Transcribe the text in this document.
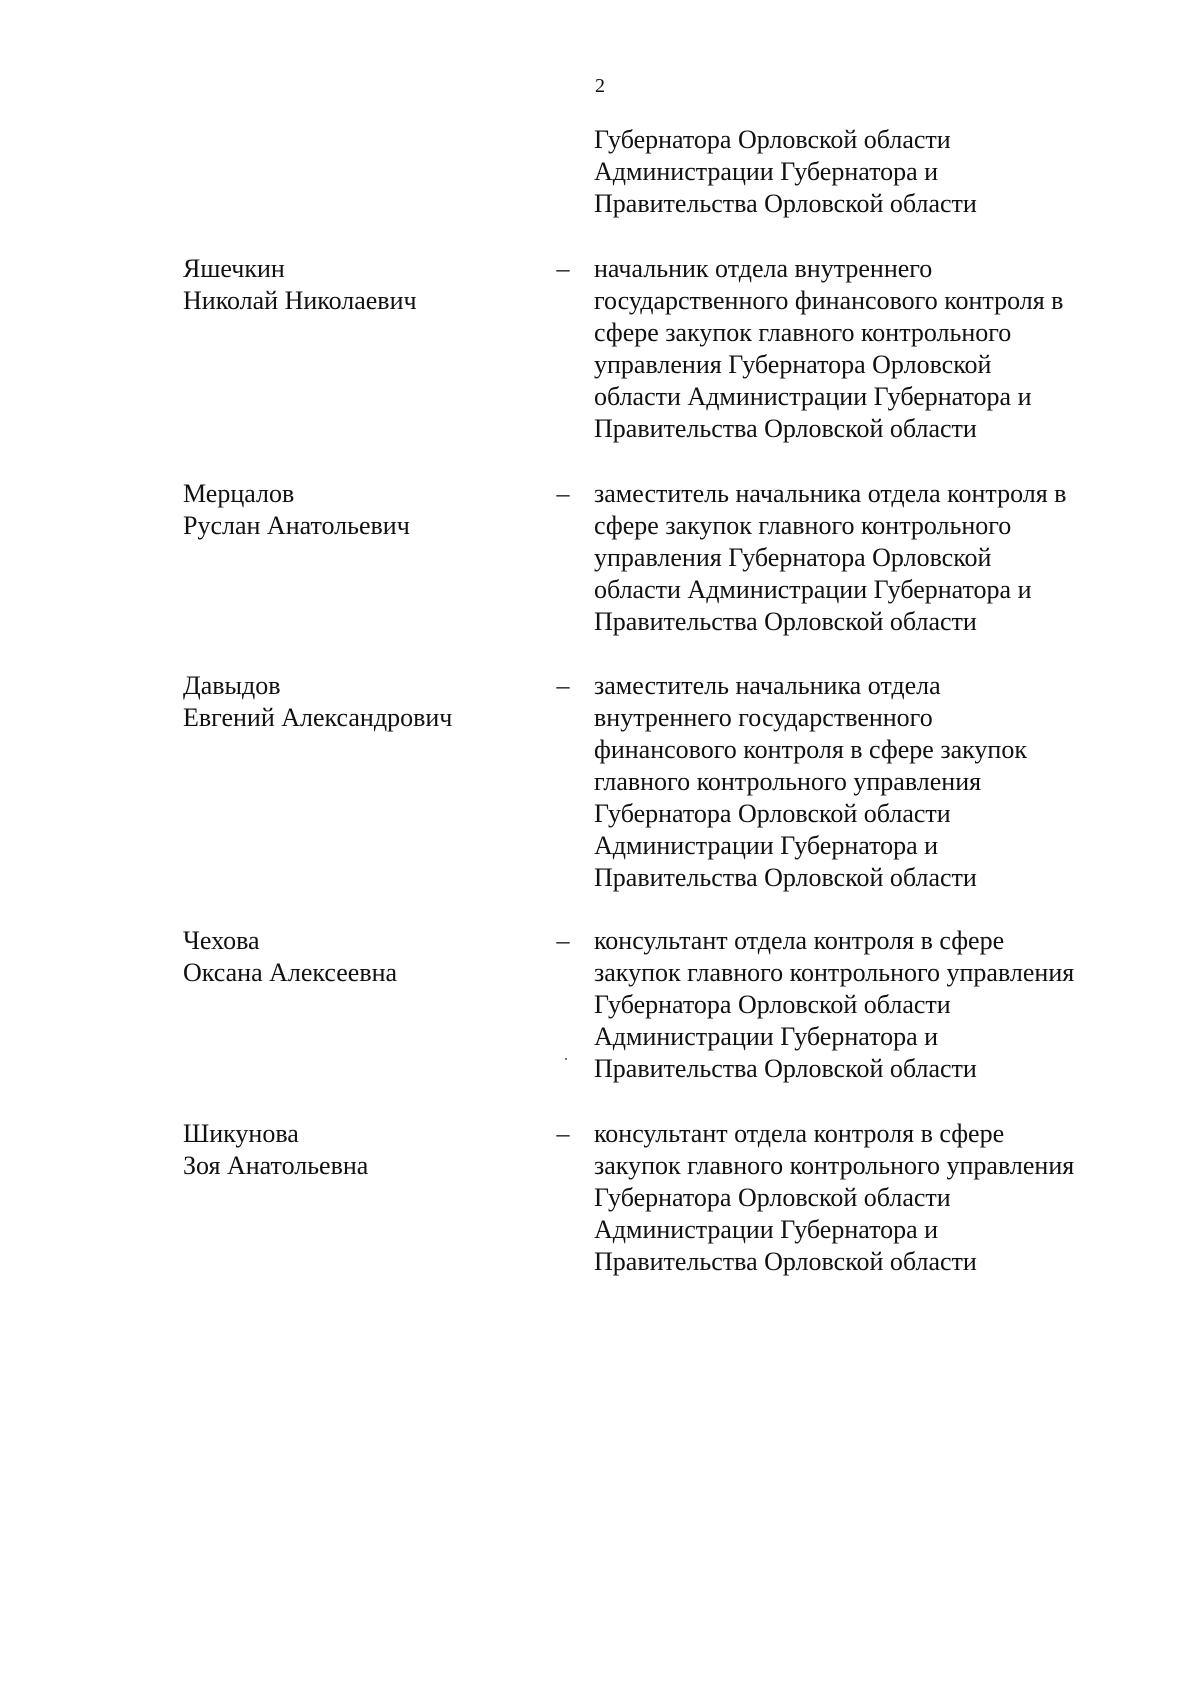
2
Губернатора Орловской области
Администрации Губернатора и
Правительства Орловской области
Яшечкин
Николай Николаевич
– начальник отдела внутреннего
государственного финансового контроля в
сфере закупок главного контрольного
управления Губернатора Орловской
области Администрации Губернатора и
Правительства Орловской области
Мерцалов
Руслан Анатольевич
– заместитель начальника отдела контроля в
сфере закупок главного контрольного
управления Губернатора Орловской
области Администрации Губернатора и
Правительства Орловской области
Давыдов
Евгений Александрович
– заместитель начальника отдела
внутреннего государственного
финансового контроля в сфере закупок
главного контрольного управления
Губернатора Орловской области
Администрации Губернатора и
Правительства Орловской области
Чехова
Оксана Алексеевна
– консультант отдела контроля в сфере
закупок главного контрольного управления
Губернатора Орловской области
Администрации Губернатора и
Правительства Орловской области
Шикунова
Зоя Анатольевна
– консультант отдела контроля в сфере
закупок главного контрольного управления
Губернатора Орловской области
Администрации Губернатора и
Правительства Орловской области
